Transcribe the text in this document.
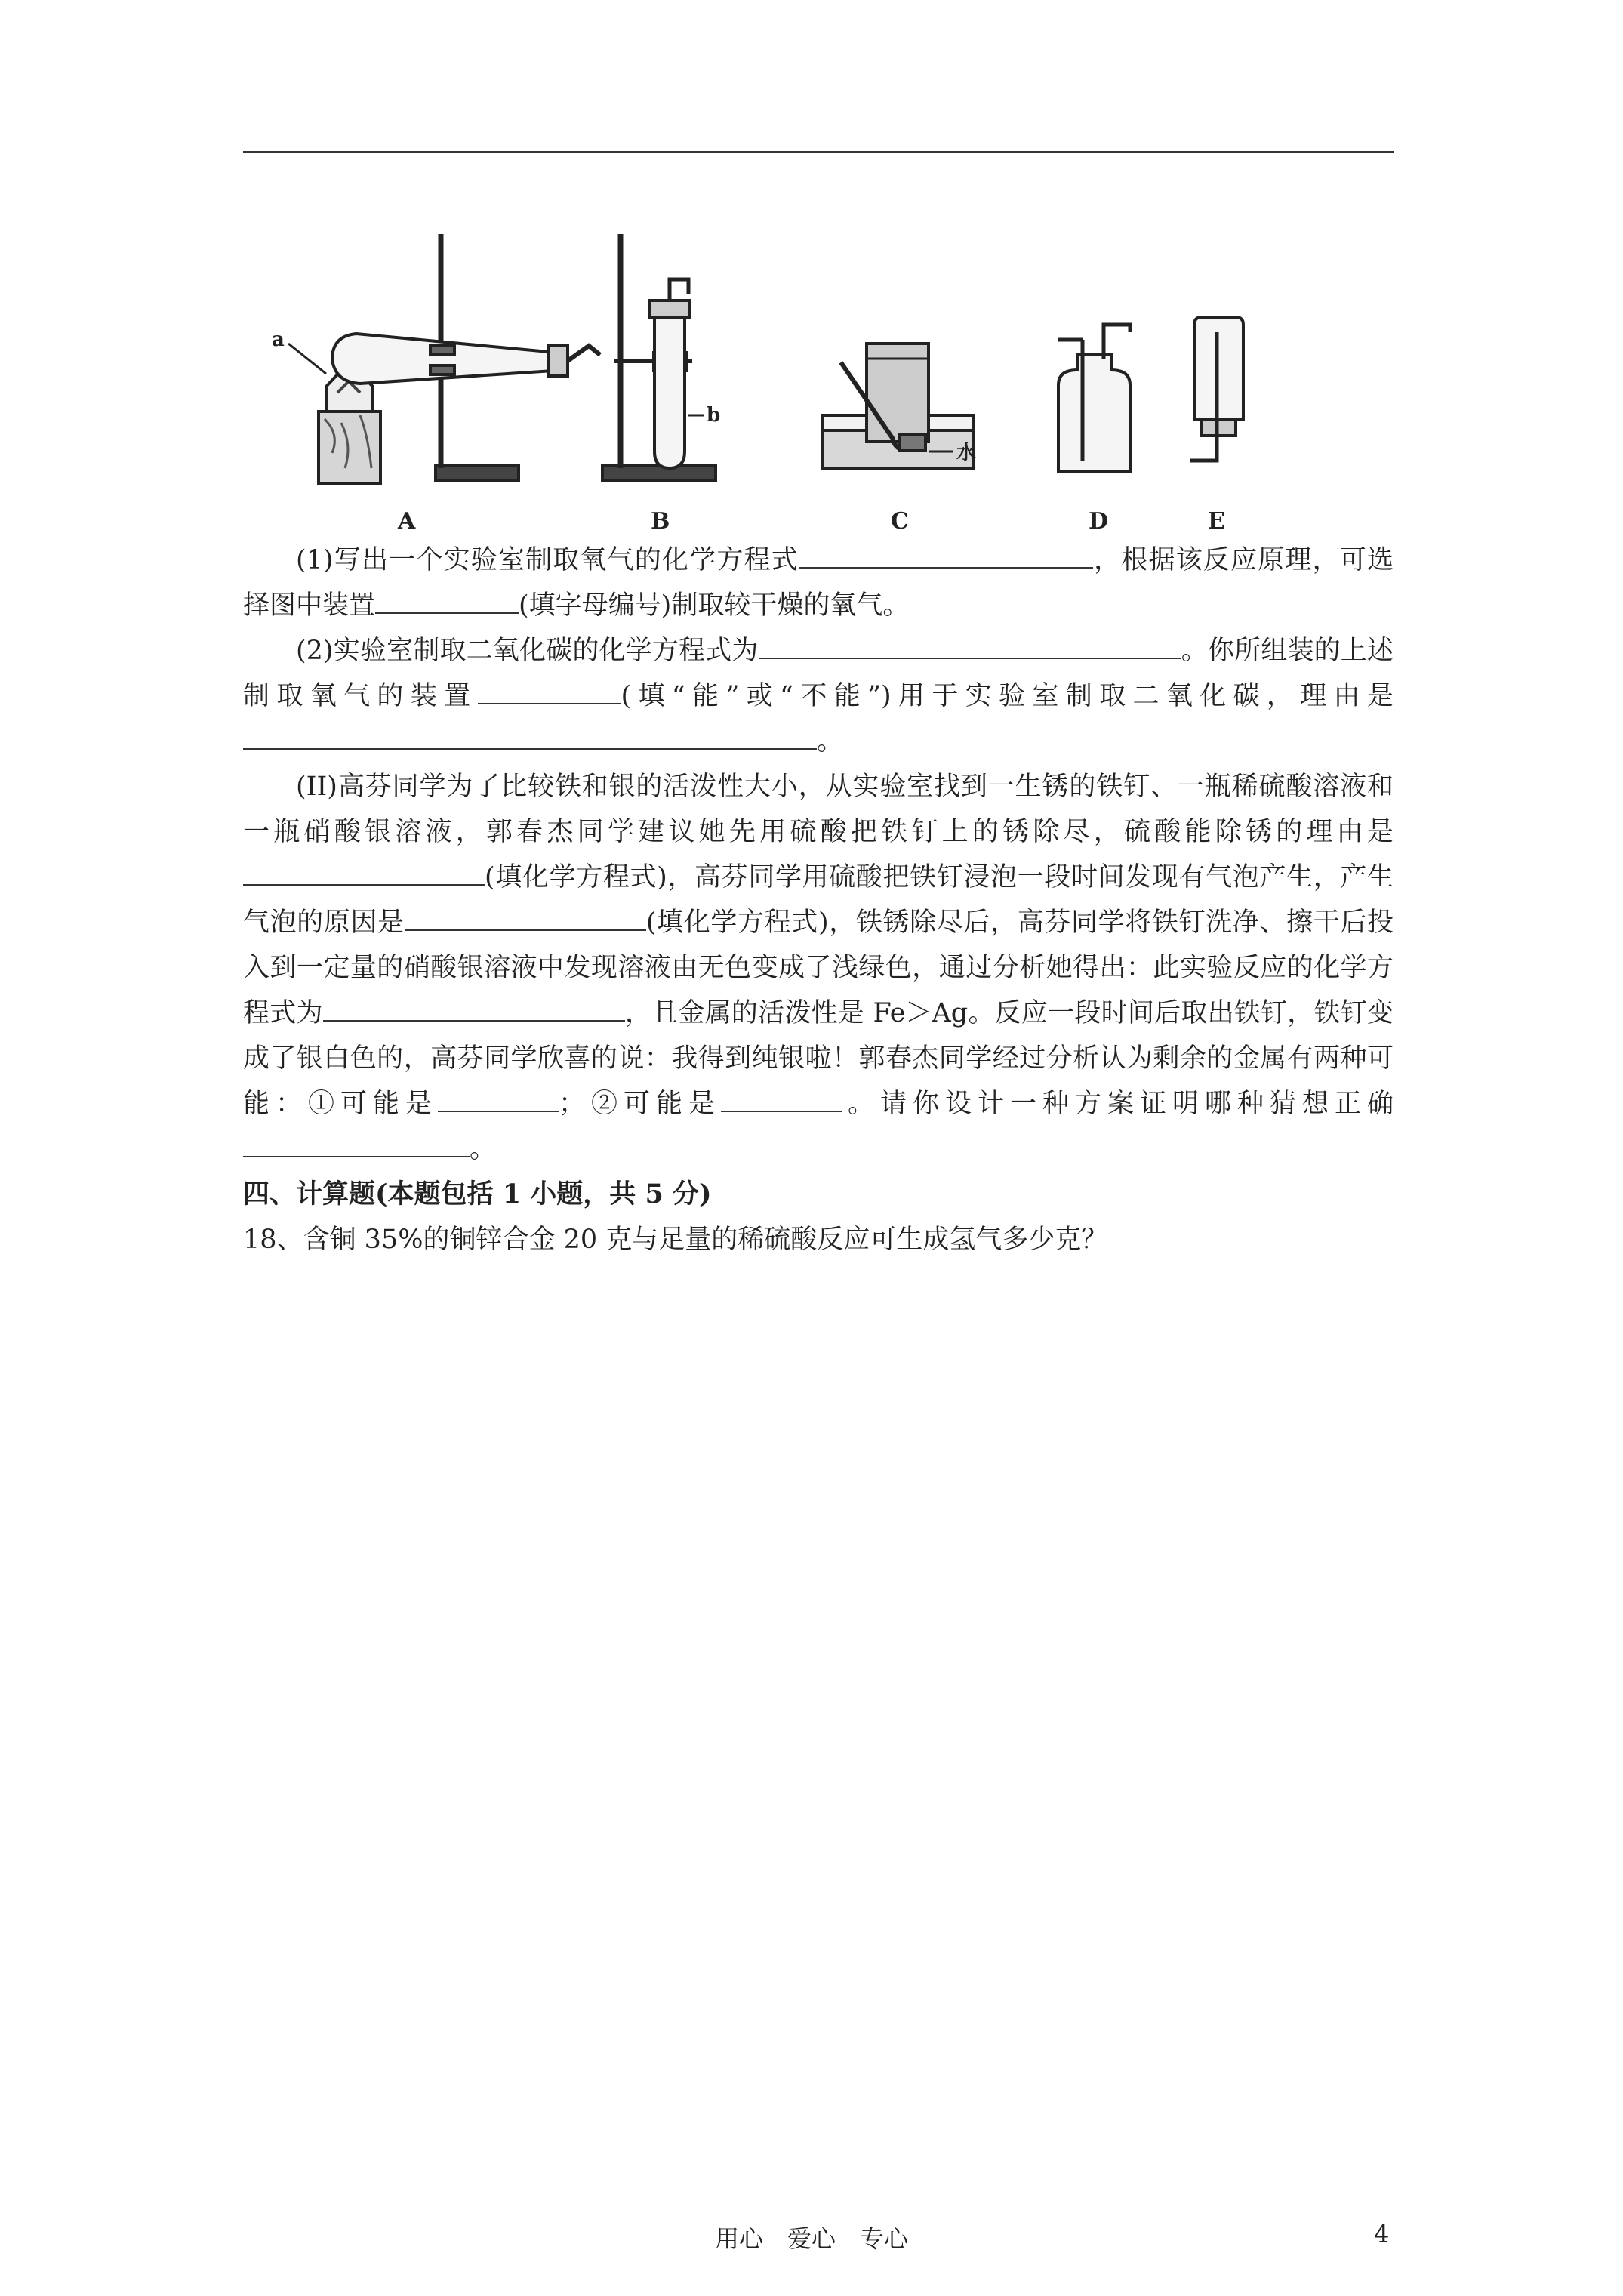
a
b
水
A	B	C	D	E

(1)写出一个实验室制取氧气的化学方程式	，根据该反应原理，可选择图中装置	(填字母编号)制取较干燥的氧气。

(2)实验室制取二氧化碳的化学方程式为	。你所组装的上述制取氧气的装置	(填“能”或“不能”)用于实验室制取二氧化碳，理由是。

(II)高芬同学为了比较铁和银的活泼性大小，从实验室找到一生锈的铁钉、一瓶稀硫酸溶液和一瓶硝酸银溶液，郭春杰同学建议她先用硫酸把铁钉上的锈除尽，硫酸能除锈的理由是(填化学方程式)，高芬同学用硫酸把铁钉浸泡一段时间发现有气泡产生，产生气泡的原因是	(填化学方程式)，铁锈除尽后，高芬同学将铁钉洗净、擦干后投入到一定量的硝酸银溶液中发现溶液由无色变成了浅绿色，通过分析她得出：此实验反应的化学方程式为	，且金属的活泼性是 Fe＞Ag。反应一段时间后取出铁钉，铁钉变成了银白色的，高芬同学欣喜的说：我得到纯银啦！郭春杰同学经过分析认为剩余的金属有两种可能：①可能是	；②可能是	。请你设计一种方案证明哪种猜想正确。

四、计算题(本题包括 1 小题，共 5 分)

18、含铜 35%的铜锌合金 20 克与足量的稀硫酸反应可生成氢气多少克？

用心　爱心　专心	4
